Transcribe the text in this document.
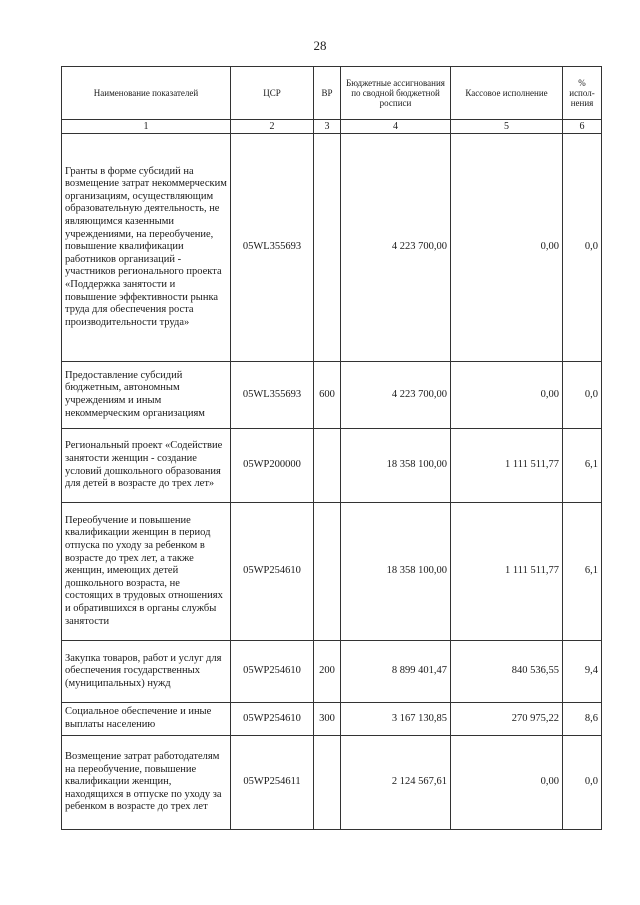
28
Наименование показателей	ЦСР	ВР	Бюджетные ассигнования по сводной бюджетной росписи	Кассовое исполнение	% испол-нения
1	2	3	4	5	6
Гранты в форме субсидий на возмещение затрат некоммерческим организациям, осуществляющим образовательную деятельность, не являющимся казенными учреждениями, на переобучение, повышение квалификации работников организаций - участников регионального проекта «Поддержка занятости и повышение эффективности рынка труда для обеспечения роста производительности труда»	05WL355693		4 223 700,00	0,00	0,0
Предоставление субсидий бюджетным, автономным учреждениям и иным некоммерческим организациям	05WL355693	600	4 223 700,00	0,00	0,0
Региональный проект «Содействие занятости женщин - создание условий дошкольного образования для детей в возрасте до трех лет»	05WP200000		18 358 100,00	1 111 511,77	6,1
Переобучение и повышение квалификации женщин в период отпуска по уходу за ребенком в возрасте до трех лет, а также женщин, имеющих детей дошкольного возраста, не состоящих в трудовых отношениях и обратившихся в органы службы занятости	05WP254610		18 358 100,00	1 111 511,77	6,1
Закупка товаров, работ и услуг для обеспечения государственных (муниципальных) нужд	05WP254610	200	8 899 401,47	840 536,55	9,4
Социальное обеспечение и иные выплаты населению	05WP254610	300	3 167 130,85	270 975,22	8,6
Возмещение затрат работодателям на переобучение, повышение квалификации женщин, находящихся в отпуске по уходу за ребенком в возрасте до трех лет	05WP254611		2 124 567,61	0,00	0,0
